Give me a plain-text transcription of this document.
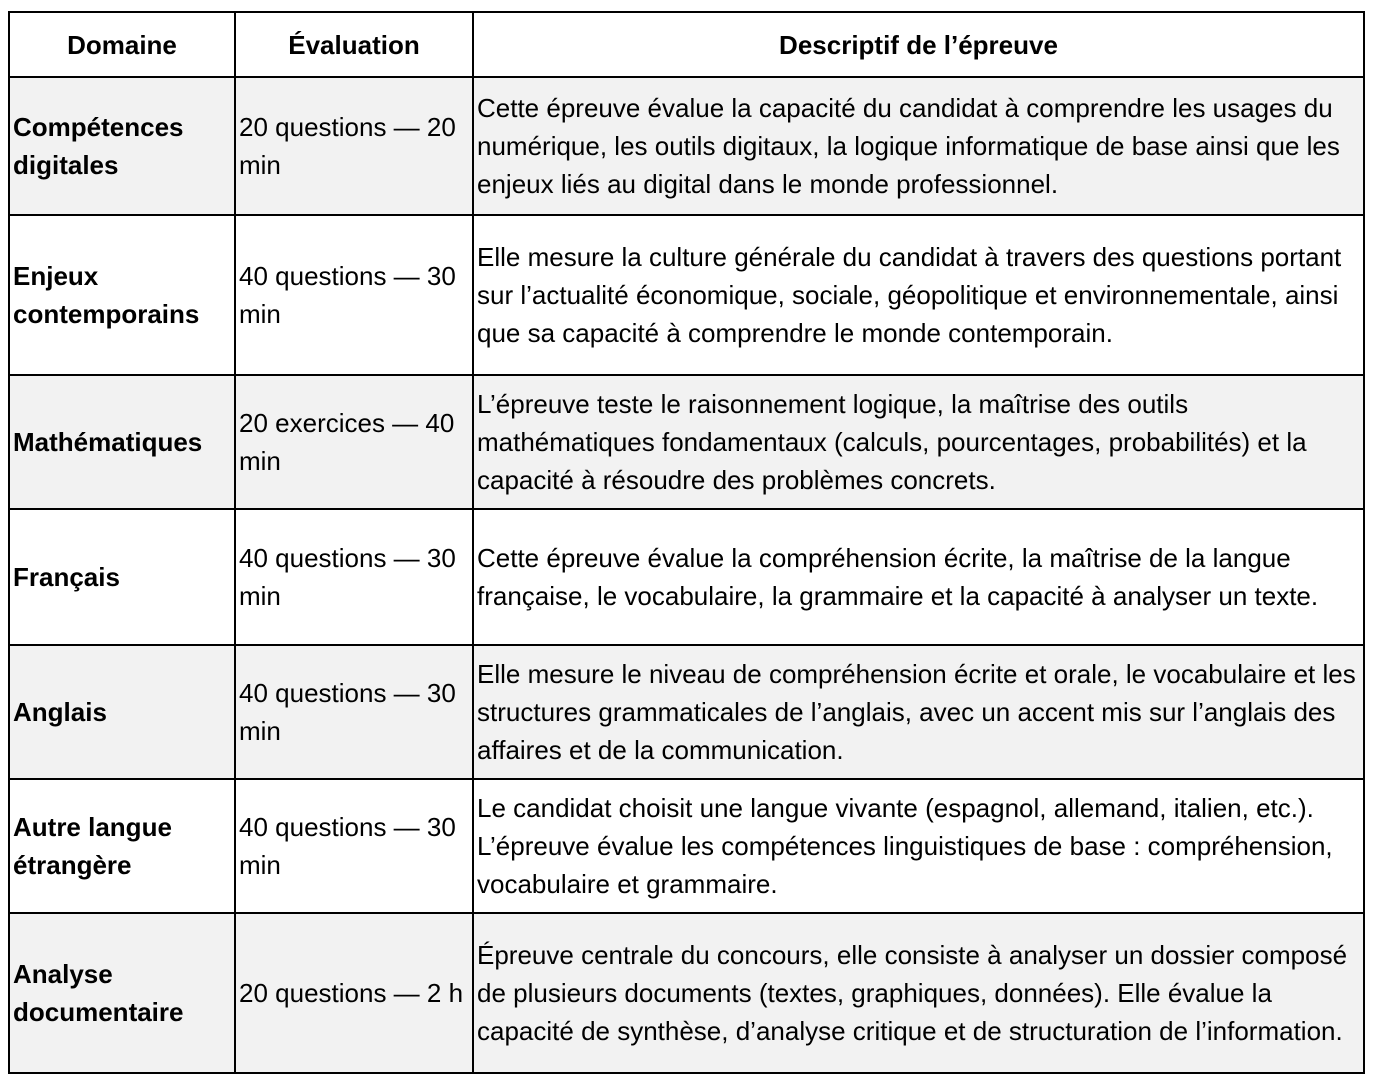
Domaine	Évaluation	Descriptif de l’épreuve
Compétences digitales	20 questions — 20 min	Cette épreuve évalue la capacité du candidat à comprendre les usages du numérique, les outils digitaux, la logique informatique de base ainsi que les enjeux liés au digital dans le monde professionnel.
Enjeux contemporains	40 questions — 30 min	Elle mesure la culture générale du candidat à travers des questions portant sur l’actualité économique, sociale, géopolitique et environnementale, ainsi que sa capacité à comprendre le monde contemporain.
Mathématiques	20 exercices — 40 min	L’épreuve teste le raisonnement logique, la maîtrise des outils mathématiques fondamentaux (calculs, pourcentages, probabilités) et la capacité à résoudre des problèmes concrets.
Français	40 questions — 30 min	Cette épreuve évalue la compréhension écrite, la maîtrise de la langue française, le vocabulaire, la grammaire et la capacité à analyser un texte.
Anglais	40 questions — 30 min	Elle mesure le niveau de compréhension écrite et orale, le vocabulaire et les structures grammaticales de l’anglais, avec un accent mis sur l’anglais des affaires et de la communication.
Autre langue étrangère	40 questions — 30 min	Le candidat choisit une langue vivante (espagnol, allemand, italien, etc.). L’épreuve évalue les compétences linguistiques de base : compréhension, vocabulaire et grammaire.
Analyse documentaire	20 questions — 2 h	Épreuve centrale du concours, elle consiste à analyser un dossier composé de plusieurs documents (textes, graphiques, données). Elle évalue la capacité de synthèse, d’analyse critique et de structuration de l’information.
